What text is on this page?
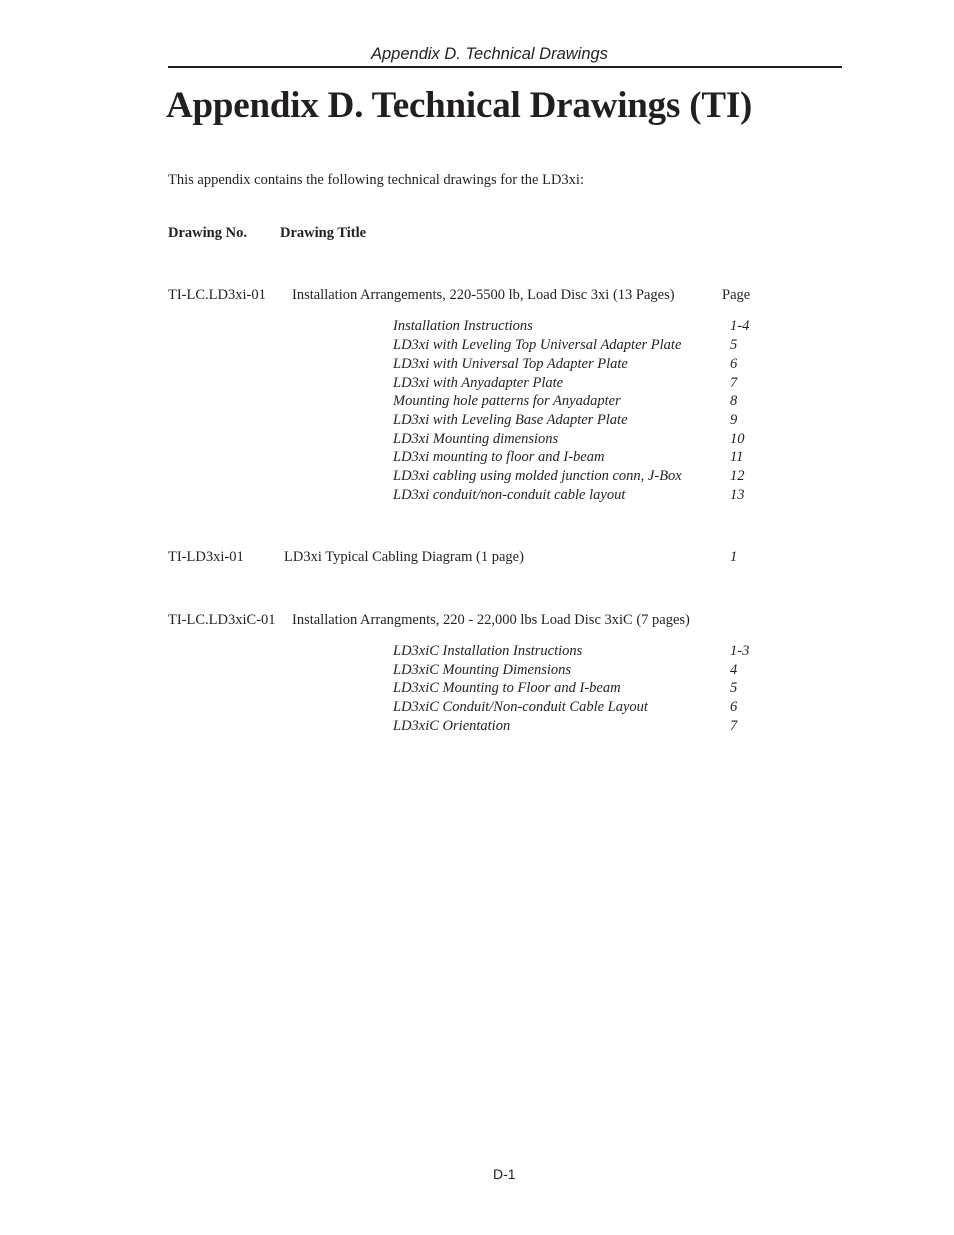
Appendix D. Technical Drawings
Appendix D. Technical Drawings (TI)
This appendix contains the following technical drawings for the LD3xi:
Drawing No. Drawing Title
TI-LC.LD3xi-01 Installation Arrangements, 220-5500 lb, Load Disc 3xi (13 Pages)	Page
Installation Instructions	1-4
LD3xi with Leveling Top Universal Adapter Plate	5
LD3xi with Universal Top Adapter Plate	6
LD3xi with Anyadapter Plate	7
Mounting hole patterns for Anyadapter	8
LD3xi with Leveling Base Adapter Plate	9
LD3xi Mounting dimensions	10
LD3xi mounting to floor and I-beam	11
LD3xi cabling using molded junction conn, J-Box	12
LD3xi conduit/non-conduit cable layout	13
TI-LD3xi-01	LD3xi Typical Cabling Diagram (1 page)	1
TI-LC.LD3xiC-01 Installation Arrangments, 220 - 22,000 lbs Load Disc 3xiC (7 pages)
LD3xiC Installation Instructions	1-3
LD3xiC Mounting Dimensions	4
LD3xiC Mounting to Floor and I-beam	5
LD3xiC Conduit/Non-conduit Cable Layout	6
LD3xiC Orientation	7
D-1
